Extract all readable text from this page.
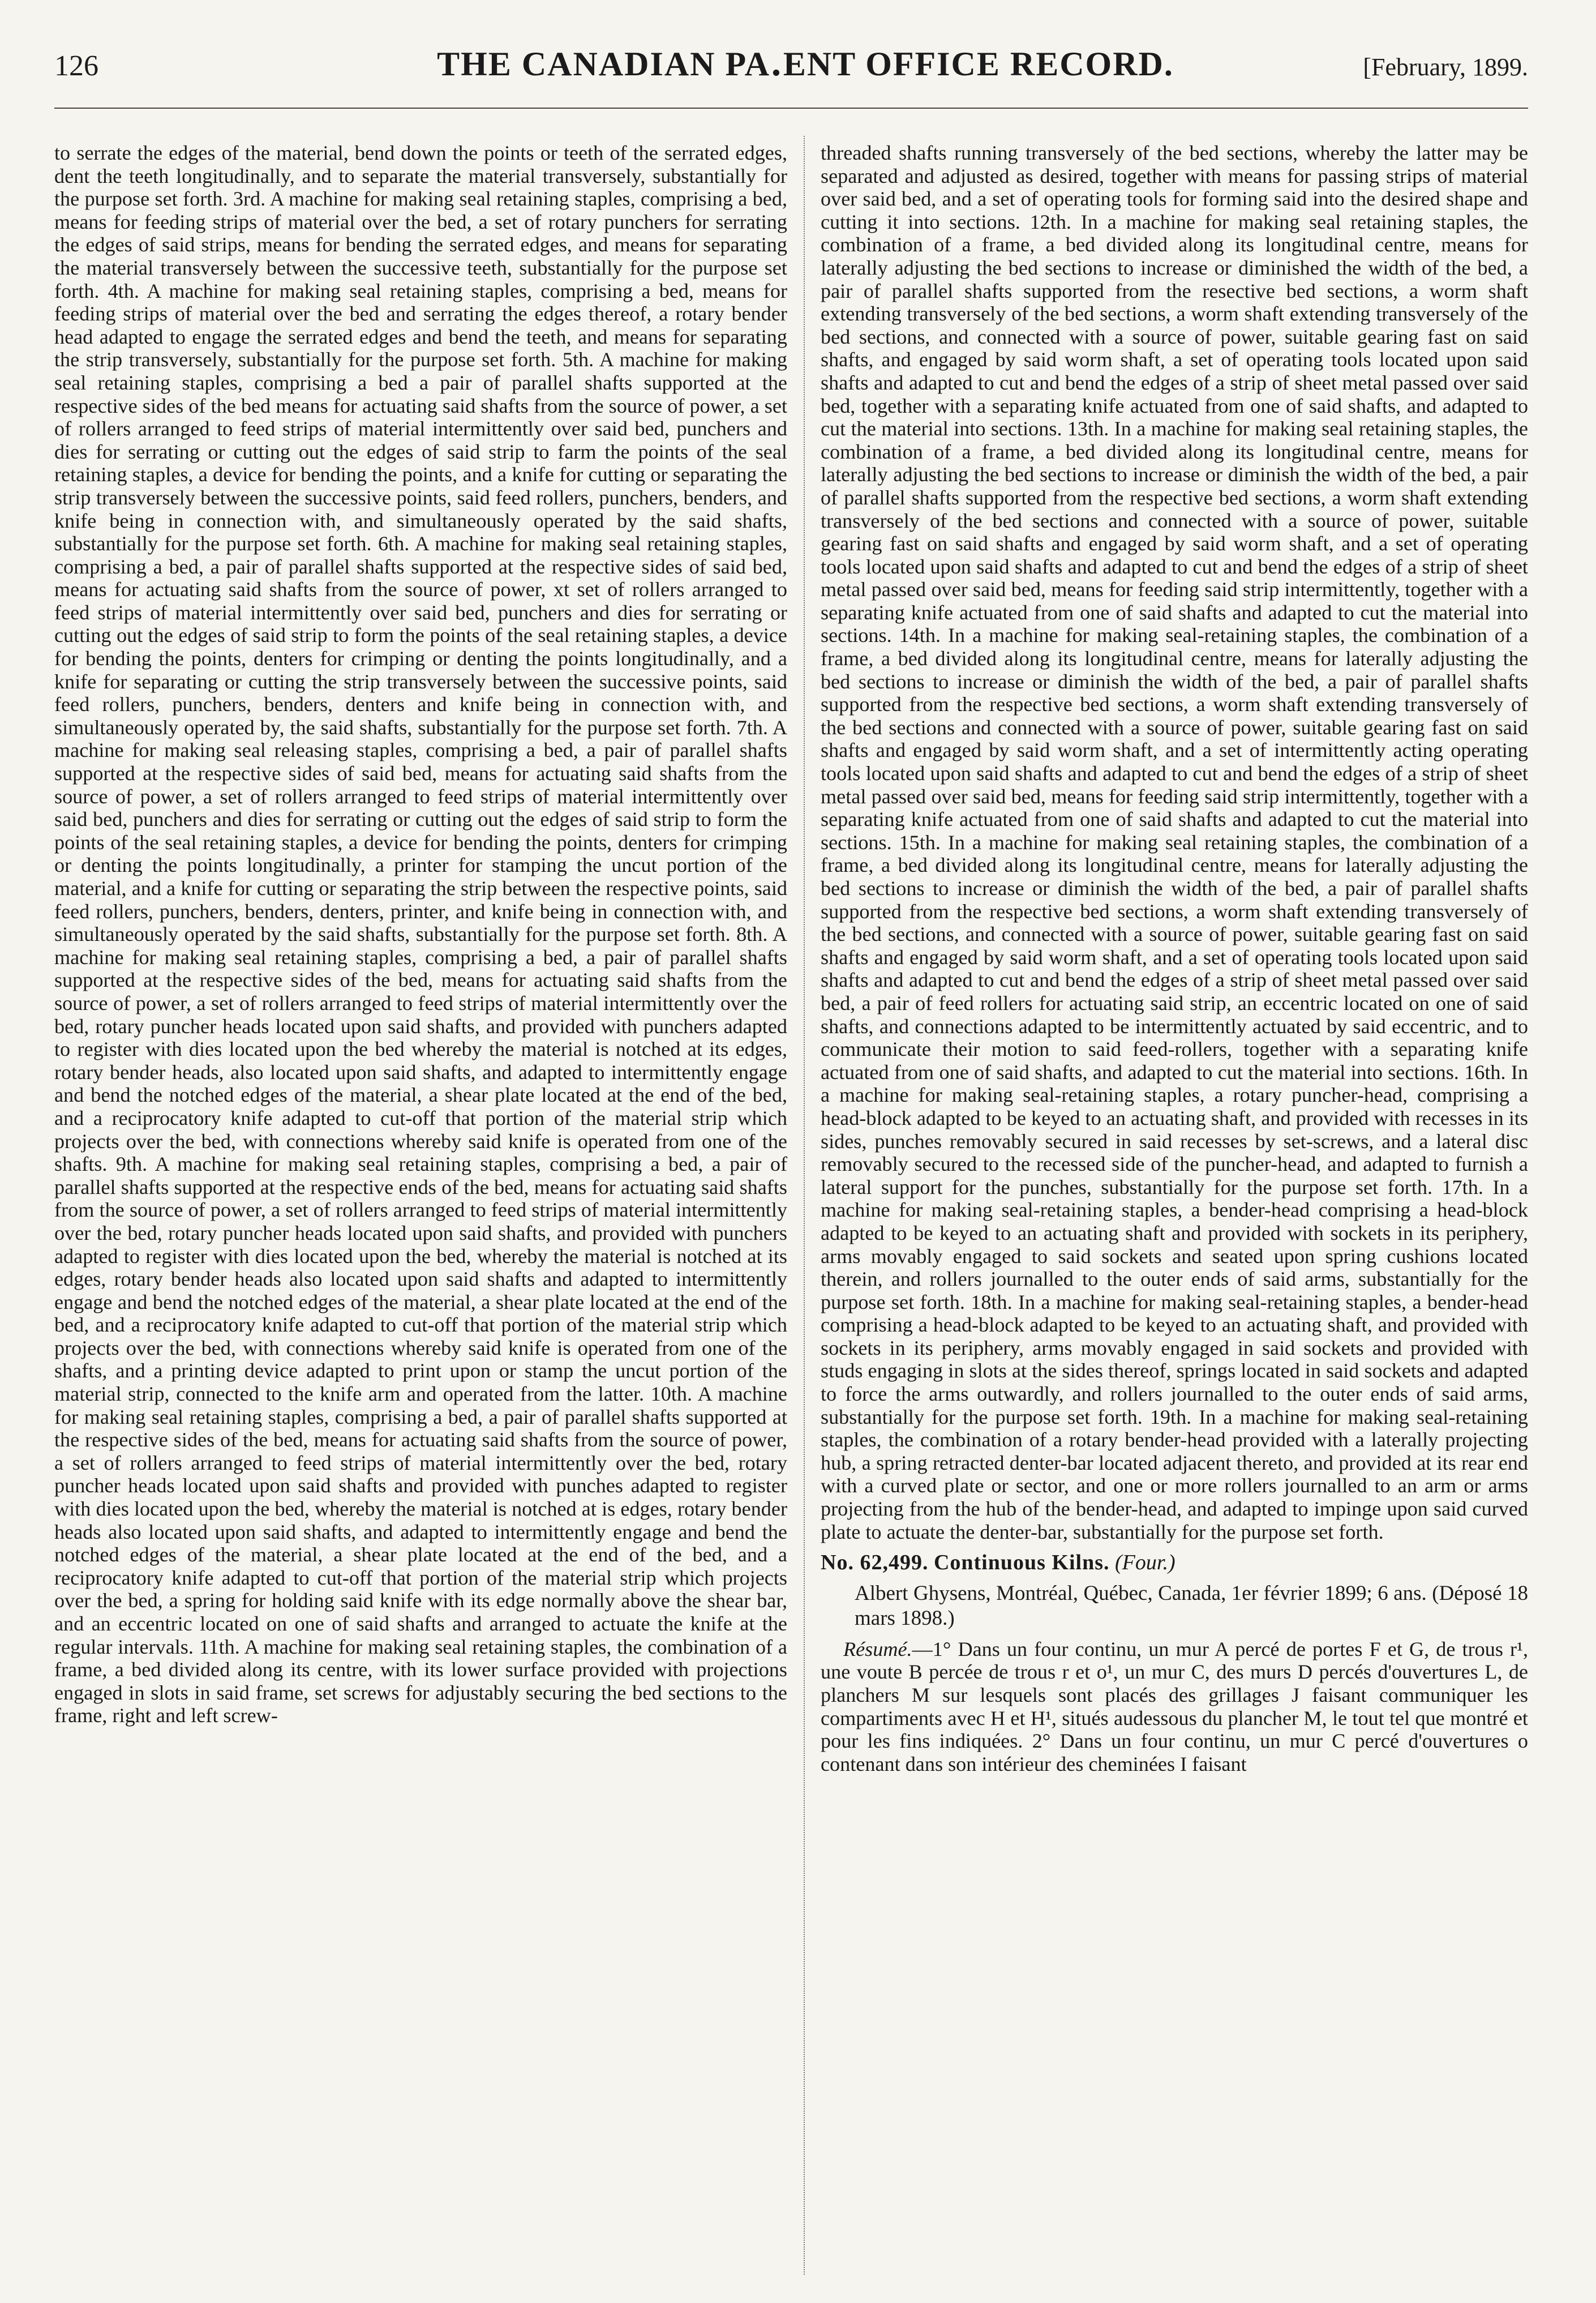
126	THE CANADIAN PA․ENT OFFICE RECORD.	[February, 1899.

to serrate the edges of the material, bend down the points or teeth of the serrated edges, dent the teeth longitudinally, and to separate the material transversely, substantially for the purpose set forth. 3rd. A machine for making seal retaining staples, comprising a bed, means for feeding strips of material over the bed, a set of rotary punchers for serrating the edges of said strips, means for bending the serrated edges, and means for separating the material transversely between the successive teeth, substantially for the purpose set forth. 4th. A machine for making seal retaining staples, comprising a bed, means for feeding strips of material over the bed and serrating the edges thereof, a rotary bender head adapted to engage the serrated edges and bend the teeth, and means for separating the strip transversely, substantially for the purpose set forth. 5th. A machine for making seal retaining staples, comprising a bed a pair of parallel shafts supported at the respective sides of the bed means for actuating said shafts from the source of power, a set of rollers arranged to feed strips of material intermittently over said bed, punchers and dies for serrating or cutting out the edges of said strip to farm the points of the seal retaining staples, a device for bending the points, and a knife for cutting or separating the strip transversely between the successive points, said feed rollers, punchers, benders, and knife being in connection with, and simultaneously operated by the said shafts, substantially for the purpose set forth. 6th. A machine for making seal retaining staples, comprising a bed, a pair of parallel shafts supported at the respective sides of said bed, means for actuating said shafts from the source of power, xt set of rollers arranged to feed strips of material intermittently over said bed, punchers and dies for serrating or cutting out the edges of said strip to form the points of the seal retaining staples, a device for bending the points, denters for crimping or denting the points longitudinally, and a knife for separating or cutting the strip transversely between the successive points, said feed rollers, punchers, benders, denters and knife being in connection with, and simultaneously operated by, the said shafts, substantially for the purpose set forth. 7th. A machine for making seal releasing staples, comprising a bed, a pair of parallel shafts supported at the respective sides of said bed, means for actuating said shafts from the source of power, a set of rollers arranged to feed strips of material intermittently over said bed, punchers and dies for serrating or cutting out the edges of said strip to form the points of the seal retaining staples, a device for bending the points, denters for crimping or denting the points longitudinally, a printer for stamping the uncut portion of the material, and a knife for cutting or separating the strip between the respective points, said feed rollers, punchers, benders, denters, printer, and knife being in connection with, and simultaneously operated by the said shafts, substantially for the purpose set forth. 8th. A machine for making seal retaining staples, comprising a bed, a pair of parallel shafts supported at the respective sides of the bed, means for actuating said shafts from the source of power, a set of rollers arranged to feed strips of material intermittently over the bed, rotary puncher heads located upon said shafts, and provided with punchers adapted to register with dies located upon the bed whereby the material is notched at its edges, rotary bender heads, also located upon said shafts, and adapted to intermittently engage and bend the notched edges of the material, a shear plate located at the end of the bed, and a reciprocatory knife adapted to cut-off that portion of the material strip which projects over the bed, with connections whereby said knife is operated from one of the shafts. 9th. A machine for making seal retaining staples, comprising a bed, a pair of parallel shafts supported at the respective ends of the bed, means for actuating said shafts from the source of power, a set of rollers arranged to feed strips of material intermittently over the bed, rotary puncher heads located upon said shafts, and provided with punchers adapted to register with dies located upon the bed, whereby the material is notched at its edges, rotary bender heads also located upon said shafts and adapted to intermittently engage and bend the notched edges of the material, a shear plate located at the end of the bed, and a reciprocatory knife adapted to cut-off that portion of the material strip which projects over the bed, with connections whereby said knife is operated from one of the shafts, and a printing device adapted to print upon or stamp the uncut portion of the material strip, connected to the knife arm and operated from the latter. 10th. A machine for making seal retaining staples, comprising a bed, a pair of parallel shafts supported at the respective sides of the bed, means for actuating said shafts from the source of power, a set of rollers arranged to feed strips of material intermittently over the bed, rotary puncher heads located upon said shafts and provided with punches adapted to register with dies located upon the bed, whereby the material is notched at is edges, rotary bender heads also located upon said shafts, and adapted to intermittently engage and bend the notched edges of the material, a shear plate located at the end of the bed, and a reciprocatory knife adapted to cut-off that portion of the material strip which projects over the bed, a spring for holding said knife with its edge normally above the shear bar, and an eccentric located on one of said shafts and arranged to actuate the knife at the regular intervals. 11th. A machine for making seal retaining staples, the combination of a frame, a bed divided along its centre, with its lower surface provided with projections engaged in slots in said frame, set screws for adjustably securing the bed sections to the frame, right and left screw-

threaded shafts running transversely of the bed sections, whereby the latter may be separated and adjusted as desired, together with means for passing strips of material over said bed, and a set of operating tools for forming said into the desired shape and cutting it into sections. 12th. In a machine for making seal retaining staples, the combination of a frame, a bed divided along its longitudinal centre, means for laterally adjusting the bed sections to increase or diminished the width of the bed, a pair of parallel shafts supported from the resective bed sections, a worm shaft extending transversely of the bed sections, a worm shaft extending transversely of the bed sections, and connected with a source of power, suitable gearing fast on said shafts, and engaged by said worm shaft, a set of operating tools located upon said shafts and adapted to cut and bend the edges of a strip of sheet metal passed over said bed, together with a separating knife actuated from one of said shafts, and adapted to cut the material into sections. 13th. In a machine for making seal retaining staples, the combination of a frame, a bed divided along its longitudinal centre, means for laterally adjusting the bed sections to increase or diminish the width of the bed, a pair of parallel shafts supported from the respective bed sections, a worm shaft extending transversely of the bed sections and connected with a source of power, suitable gearing fast on said shafts and engaged by said worm shaft, and a set of operating tools located upon said shafts and adapted to cut and bend the edges of a strip of sheet metal passed over said bed, means for feeding said strip intermittently, together with a separating knife actuated from one of said shafts and adapted to cut the material into sections. 14th. In a machine for making seal-retaining staples, the combination of a frame, a bed divided along its longitudinal centre, means for laterally adjusting the bed sections to increase or diminish the width of the bed, a pair of parallel shafts supported from the respective bed sections, a worm shaft extending transversely of the bed sections and connected with a source of power, suitable gearing fast on said shafts and engaged by said worm shaft, and a set of intermittently acting operating tools located upon said shafts and adapted to cut and bend the edges of a strip of sheet metal passed over said bed, means for feeding said strip intermittently, together with a separating knife actuated from one of said shafts and adapted to cut the material into sections. 15th. In a machine for making seal retaining staples, the combination of a frame, a bed divided along its longitudinal centre, means for laterally adjusting the bed sections to increase or diminish the width of the bed, a pair of parallel shafts supported from the respective bed sections, a worm shaft extending transversely of the bed sections, and connected with a source of power, suitable gearing fast on said shafts and engaged by said worm shaft, and a set of operating tools located upon said shafts and adapted to cut and bend the edges of a strip of sheet metal passed over said bed, a pair of feed rollers for actuating said strip, an eccentric located on one of said shafts, and connections adapted to be intermittently actuated by said eccentric, and to communicate their motion to said feed-rollers, together with a separating knife actuated from one of said shafts, and adapted to cut the material into sections. 16th. In a machine for making seal-retaining staples, a rotary puncher-head, comprising a head-block adapted to be keyed to an actuating shaft, and provided with recesses in its sides, punches removably secured in said recesses by set-screws, and a lateral disc removably secured to the recessed side of the puncher-head, and adapted to furnish a lateral support for the punches, substantially for the purpose set forth. 17th. In a machine for making seal-retaining staples, a bender-head comprising a head-block adapted to be keyed to an actuating shaft and provided with sockets in its periphery, arms movably engaged to said sockets and seated upon spring cushions located therein, and rollers journalled to the outer ends of said arms, substantially for the purpose set forth. 18th. In a machine for making seal-retaining staples, a bender-head comprising a head-block adapted to be keyed to an actuating shaft, and provided with sockets in its periphery, arms movably engaged in said sockets and provided with studs engaging in slots at the sides thereof, springs located in said sockets and adapted to force the arms outwardly, and rollers journalled to the outer ends of said arms, substantially for the purpose set forth. 19th. In a machine for making seal-retaining staples, the combination of a rotary bender-head provided with a laterally projecting hub, a spring retracted denter-bar located adjacent thereto, and provided at its rear end with a curved plate or sector, and one or more rollers journalled to an arm or arms projecting from the hub of the bender-head, and adapted to impinge upon said curved plate to actuate the denter-bar, substantially for the purpose set forth.

No. 62,499. Continuous Kilns. (Four.)

Albert Ghysens, Montréal, Québec, Canada, 1er février 1899; 6 ans. (Déposé 18 mars 1898.)

Résumé.—1° Dans un four continu, un mur A percé de portes F et G, de trous r¹, une voute B percée de trous r et o¹, un mur C, des murs D percés d'ouvertures L, de planchers M sur lesquels sont placés des grillages J faisant communiquer les compartiments avec H et H¹, situés audessous du plancher M, le tout tel que montré et pour les fins indiquées. 2° Dans un four continu, un mur C percé d'ouvertures o contenant dans son intérieur des cheminées I faisant
